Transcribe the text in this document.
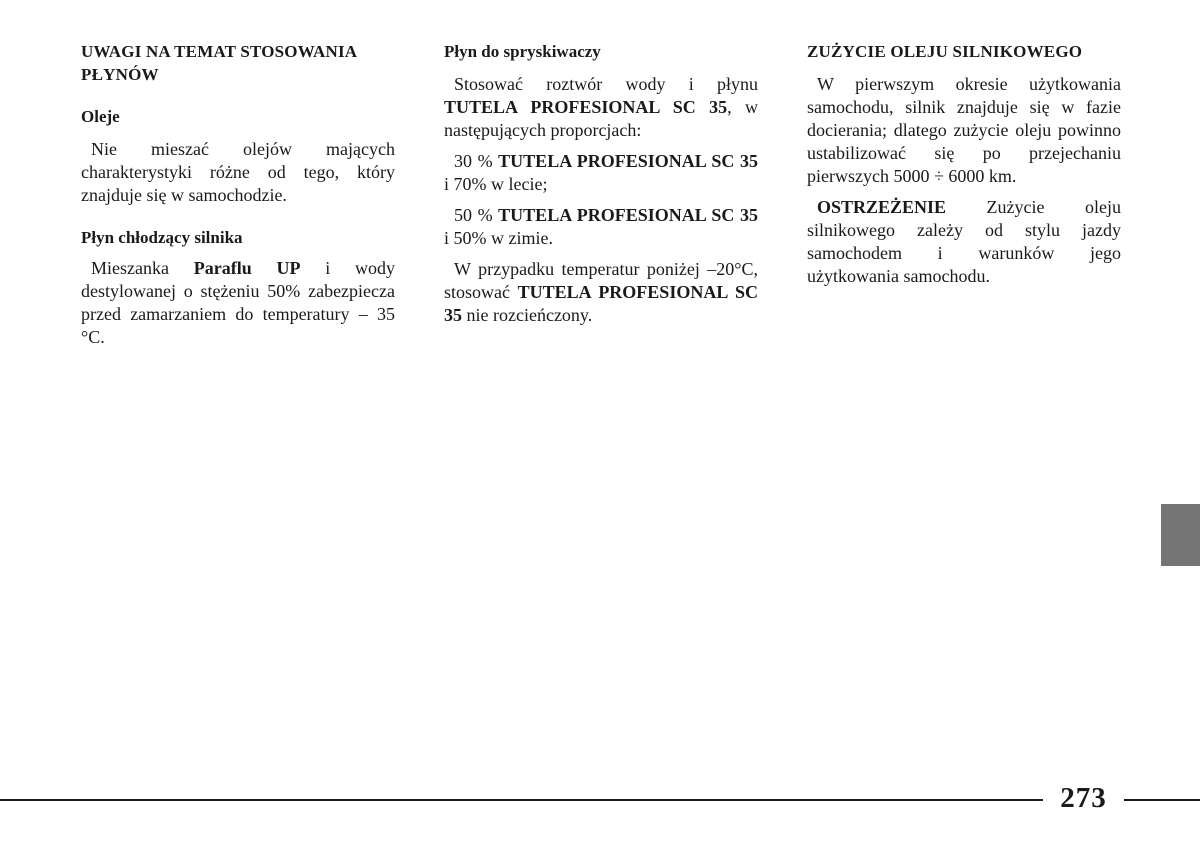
UWAGI NA TEMAT STOSOWANIA PŁYNÓW
Oleje

Nie mieszać olejów mających charakterystyki różne od tego, który znajduje się w samochodzie.

Płyn chłodzący silnika

Mieszanka Paraflu UP i wody destylowanej o stężeniu 50% zabezpiecza przed zamarzaniem do temperatury – 35 °C.

Płyn do spryskiwaczy

Stosować roztwór wody i płynu TUTELA PROFESIONAL SC 35, w następujących proporcjach:

30 % TUTELA PROFESIONAL SC 35 i 70% w lecie;

50 % TUTELA PROFESIONAL SC 35 i 50% w zimie.

W przypadku temperatur poniżej –20°C, stosować TUTELA PROFESIONAL SC 35 nie rozcieńczony.

ZUŻYCIE OLEJU SILNIKOWEGO

W pierwszym okresie użytkowania samochodu, silnik znajduje się w fazie docierania; dlatego zużycie oleju powinno ustabilizować się po przejechaniu pierwszych 5000 ÷ 6000 km.

OSTRZEŻENIE Zużycie oleju silnikowego zależy od stylu jazdy samochodem i warunków jego użytkowania samochodu.

273
